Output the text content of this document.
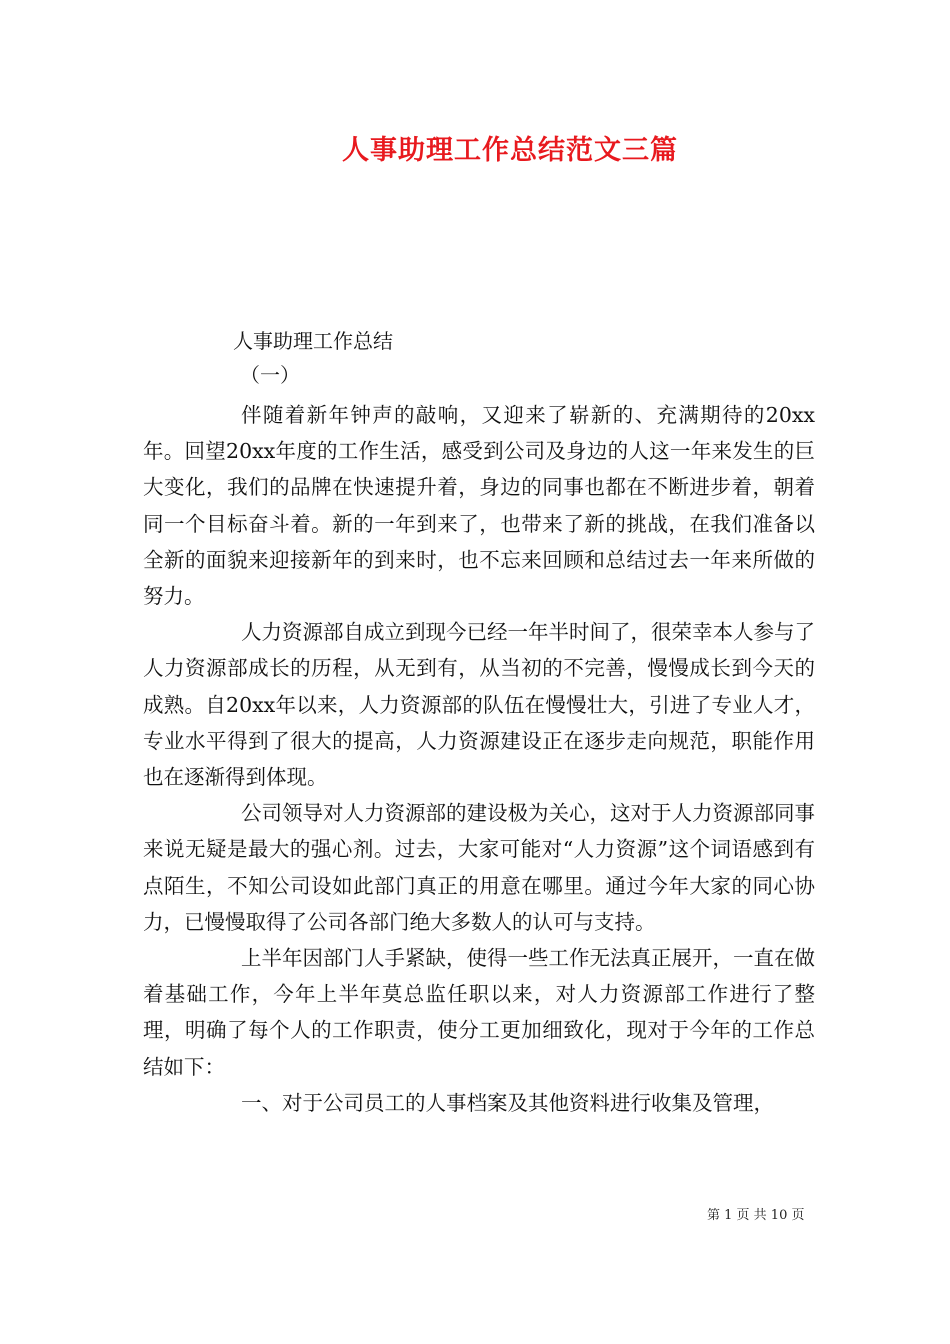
人事助理工作总结范文三篇
人事助理工作总结
（一）

伴随着新年钟声的敲响，又迎来了崭新的、充满期待的20xx年。回望20xx年度的工作生活，感受到公司及身边的人这一年来发生的巨大变化，我们的品牌在快速提升着，身边的同事也都在不断进步着，朝着同一个目标奋斗着。新的一年到来了，也带来了新的挑战，在我们准备以全新的面貌来迎接新年的到来时，也不忘来回顾和总结过去一年来所做的努力。

人力资源部自成立到现今已经一年半时间了，很荣幸本人参与了人力资源部成长的历程，从无到有，从当初的不完善，慢慢成长到今天的成熟。自20xx年以来，人力资源部的队伍在慢慢壮大，引进了专业人才，专业水平得到了很大的提高，人力资源建设正在逐步走向规范，职能作用也在逐渐得到体现。

公司领导对人力资源部的建设极为关心，这对于人力资源部同事来说无疑是最大的强心剂。过去，大家可能对“人力资源”这个词语感到有点陌生，不知公司设如此部门真正的用意在哪里。通过今年大家的同心协力，已慢慢取得了公司各部门绝大多数人的认可与支持。

上半年因部门人手紧缺，使得一些工作无法真正展开，一直在做着基础工作，今年上半年莫总监任职以来，对人力资源部工作进行了整理，明确了每个人的工作职责，使分工更加细致化，现对于今年的工作总结如下：

一、对于公司员工的人事档案及其他资料进行收集及管理，

第 1 页 共 10 页
